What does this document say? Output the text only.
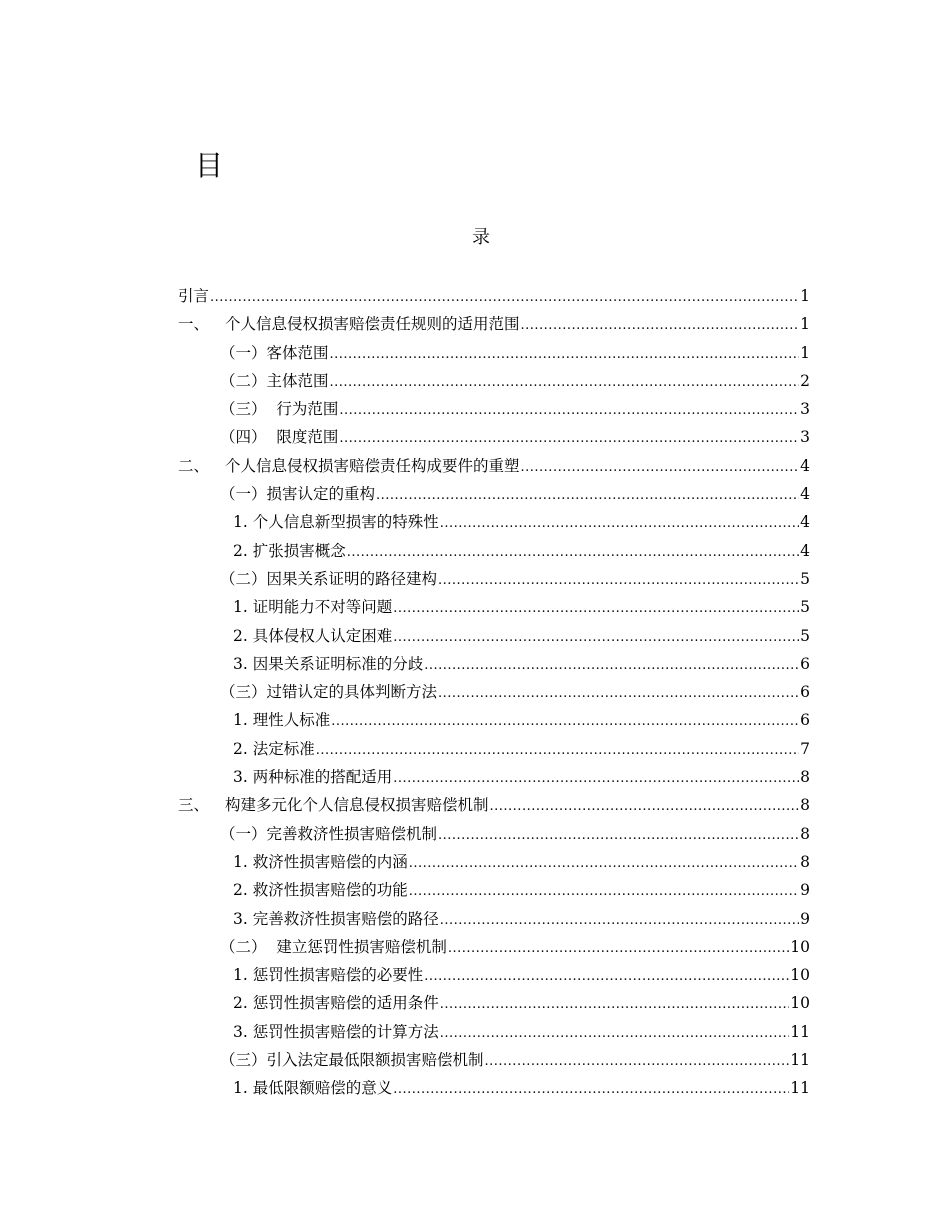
目
录
引言 .....	1
一、	个人信息侵权损害赔偿责任规则的适用范围 .....	1
（一）客体范围 .....	1
（二）主体范围 .....	2
（三）  行为范围 .....	3
（四）  限度范围 .....	3
二、	个人信息侵权损害赔偿责任构成要件的重塑 .....	4
（一）损害认定的重构 .....	4
1. 个人信息新型损害的特殊性 .....	4
2. 扩张损害概念 .....	4
（二）因果关系证明的路径建构 .....	5
1. 证明能力不对等问题 .....	5
2. 具体侵权人认定困难 .....	5
3. 因果关系证明标准的分歧 .....	6
（三）过错认定的具体判断方法 .....	6
1. 理性人标准 .....	6
2. 法定标准 .....	7
3. 两种标准的搭配适用 .....	8
三、	构建多元化个人信息侵权损害赔偿机制 .....	8
（一）完善救济性损害赔偿机制 .....	8
1. 救济性损害赔偿的内涵 .....	8
2. 救济性损害赔偿的功能 .....	9
3. 完善救济性损害赔偿的路径 .....	9
（二）  建立惩罚性损害赔偿机制 .....	10
1. 惩罚性损害赔偿的必要性 .....	10
2. 惩罚性损害赔偿的适用条件 .....	10
3. 惩罚性损害赔偿的计算方法 .....	11
（三）引入法定最低限额损害赔偿机制 .....	11
1. 最低限额赔偿的意义 .....	11
